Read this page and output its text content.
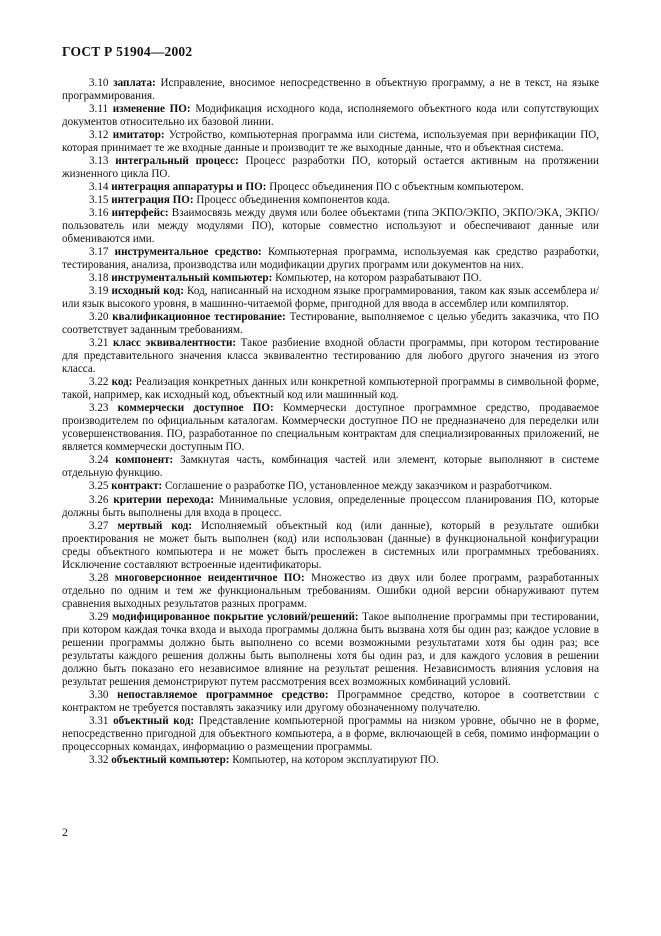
ГОСТ Р 51904—2002

3.10 заплата: Исправление, вносимое непосредственно в объектную программу, а не в текст, на языке программирования.

3.11 изменение ПО: Модификация исходного кода, исполняемого объектного кода или сопутствующих документов относительно их базовой линии.

3.12 имитатор: Устройство, компьютерная программа или система, используемая при верификации ПО, которая принимает те же входные данные и производит те же выходные данные, что и объектная система.

3.13 интегральный процесс: Процесс разработки ПО, который остается активным на протяжении жизненного цикла ПО.

3.14 интеграция аппаратуры и ПО: Процесс объединения ПО с объектным компьютером.

3.15 интеграция ПО: Процесс объединения компонентов кода.

3.16 интерфейс: Взаимосвязь между двумя или более объектами (типа ЭКПО/ЭКПО, ЭКПО/ЭКА, ЭКПО/пользователь или между модулями ПО), которые совместно используют и обеспечивают данные или обмениваются ими.

3.17 инструментальное средство: Компьютерная программа, используемая как средство разработки, тестирования, анализа, производства или модификации других программ или документов на них.

3.18 инструментальный компьютер: Компьютер, на котором разрабатывают ПО.

3.19 исходный код: Код, написанный на исходном языке программирования, таком как язык ассемблера и/или язык высокого уровня, в машинно-читаемой форме, пригодной для ввода в ассемблер или компилятор.

3.20 квалификационное тестирование: Тестирование, выполняемое с целью убедить заказчика, что ПО соответствует заданным требованиям.

3.21 класс эквивалентности: Такое разбиение входной области программы, при котором тестирование для представительного значения класса эквивалентно тестированию для любого другого значения из этого класса.

3.22 код: Реализация конкретных данных или конкретной компьютерной программы в символьной форме, такой, например, как исходный код, объектный код или машинный код.

3.23 коммерчески доступное ПО: Коммерчески доступное программное средство, продаваемое производителем по официальным каталогам. Коммерчески доступное ПО не предназначено для переделки или усовершенствования. ПО, разработанное по специальным контрактам для специализированных приложений, не является коммерчески доступным ПО.

3.24 компонент: Замкнутая часть, комбинация частей или элемент, которые выполняют в системе отдельную функцию.

3.25 контракт: Соглашение о разработке ПО, установленное между заказчиком и разработчиком.

3.26 критерии перехода: Минимальные условия, определенные процессом планирования ПО, которые должны быть выполнены для входа в процесс.

3.27 мертвый код: Исполняемый объектный код (или данные), который в результате ошибки проектирования не может быть выполнен (код) или использован (данные) в функциональной конфигурации среды объектного компьютера и не может быть прослежен в системных или программных требованиях. Исключение составляют встроенные идентификаторы.

3.28 многоверсионное неидентичное ПО: Множество из двух или более программ, разработанных отдельно по одним и тем же функциональным требованиям. Ошибки одной версии обнаруживают путем сравнения выходных результатов разных программ.

3.29 модифицированное покрытие условий/решений: Такое выполнение программы при тестировании, при котором каждая точка входа и выхода программы должна быть вызвана хотя бы один раз; каждое условие в решении программы должно быть выполнено со всеми возможными результатами хотя бы один раз; все результаты каждого решения должны быть выполнены хотя бы один раз, и для каждого условия в решении должно быть показано его независимое влияние на результат решения. Независимость влияния условия на результат решения демонстрируют путем рассмотрения всех возможных комбинаций условий.

3.30 непоставляемое программное средство: Программное средство, которое в соответствии с контрактом не требуется поставлять заказчику или другому обозначенному получателю.

3.31 объектный код: Представление компьютерной программы на низком уровне, обычно не в форме, непосредственно пригодной для объектного компьютера, а в форме, включающей в себя, помимо информации о процессорных командах, информацию о размещении программы.

3.32 объектный компьютер: Компьютер, на котором эксплуатируют ПО.

2
